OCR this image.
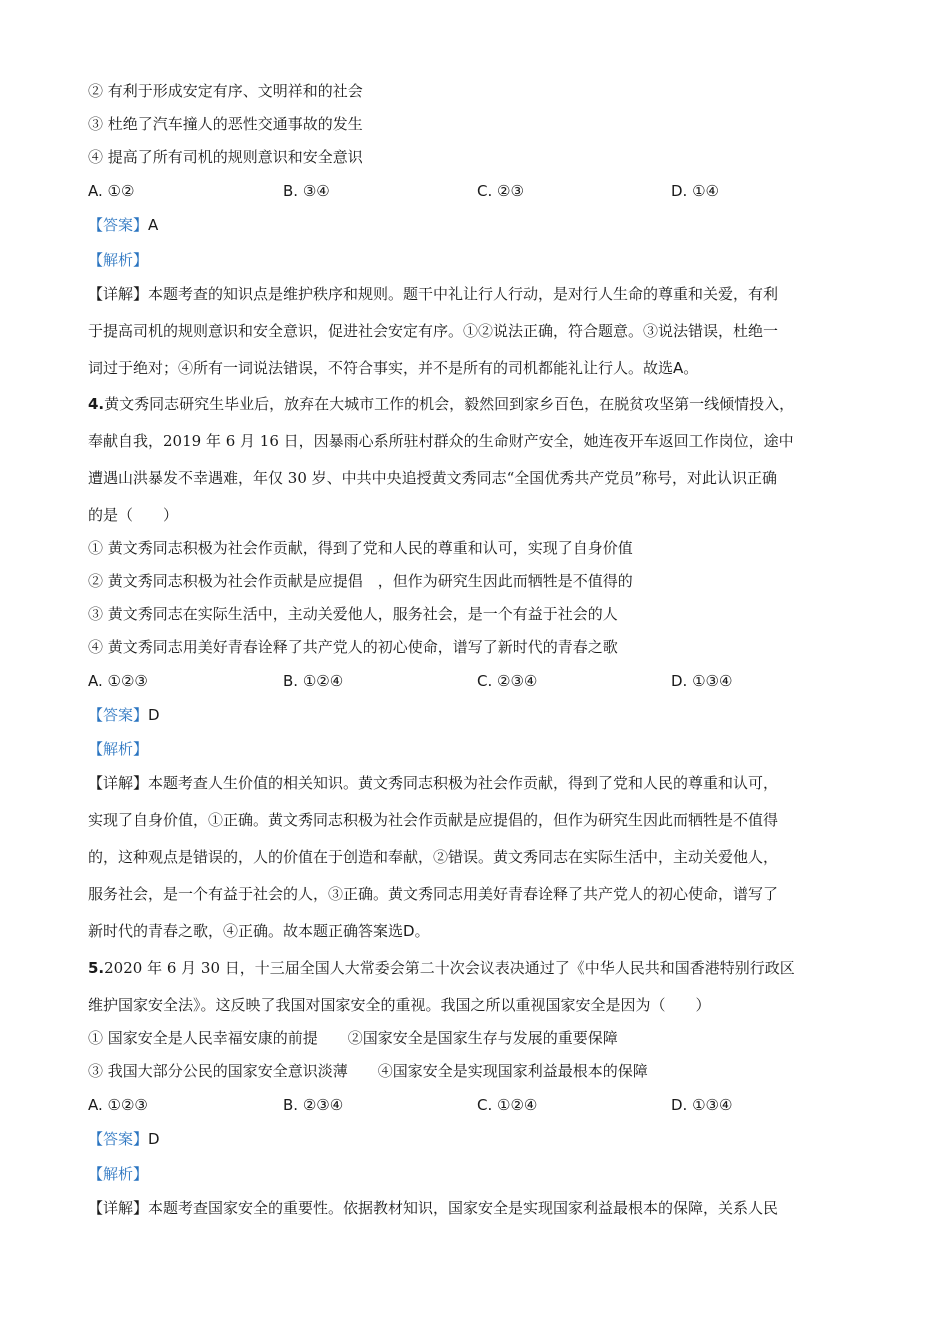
② 有利于形成安定有序、文明祥和的社会
③ 杜绝了汽车撞人的恶性交通事故的发生
④ 提高了所有司机的规则意识和安全意识
A. ①②	B. ③④	C. ②③	D. ①④
【答案】A
【解析】
【详解】本题考查的知识点是维护秩序和规则。题干中礼让行人行动，是对行人生命的尊重和关爱，有利
于提高司机的规则意识和安全意识，促进社会安定有序。①②说法正确，符合题意。③说法错误，杜绝一
词过于绝对；④所有一词说法错误，不符合事实，并不是所有的司机都能礼让行人。故选A。
4.黄文秀同志研究生毕业后，放弃在大城市工作的机会，毅然回到家乡百色，在脱贫攻坚第一线倾情投入，
奉献自我，2019 年 6 月 16 日，因暴雨心系所驻村群众的生命财产安全，她连夜开车返回工作岗位，途中
遭遇山洪暴发不幸遇难，年仅 30 岁、中共中央追授黄文秀同志“全国优秀共产党员”称号，对此认识正确
的是（　　）
① 黄文秀同志积极为社会作贡献，得到了党和人民的尊重和认可，实现了自身价值
② 黄文秀同志积极为社会作贡献是应提倡　，但作为研究生因此而牺牲是不值得的
③ 黄文秀同志在实际生活中，主动关爱他人，服务社会，是一个有益于社会的人
④ 黄文秀同志用美好青春诠释了共产党人的初心使命，谱写了新时代的青春之歌
A. ①②③	B. ①②④	C. ②③④	D. ①③④
【答案】D
【解析】
【详解】本题考查人生价值的相关知识。黄文秀同志积极为社会作贡献，得到了党和人民的尊重和认可，
实现了自身价值，①正确。黄文秀同志积极为社会作贡献是应提倡的，但作为研究生因此而牺牲是不值得
的，这种观点是错误的，人的价值在于创造和奉献，②错误。黄文秀同志在实际生活中，主动关爱他人，
服务社会，是一个有益于社会的人，③正确。黄文秀同志用美好青春诠释了共产党人的初心使命，谱写了
新时代的青春之歌，④正确。故本题正确答案选D。
5.2020 年 6 月 30 日，十三届全国人大常委会第二十次会议表决通过了《中华人民共和国香港特别行政区
维护国家安全法》。这反映了我国对国家安全的重视。我国之所以重视国家安全是因为（　　）
① 国家安全是人民幸福安康的前提　　②国家安全是国家生存与发展的重要保障
③ 我国大部分公民的国家安全意识淡薄　　④国家安全是实现国家利益最根本的保障
A. ①②③	B. ②③④	C. ①②④	D. ①③④
【答案】D
【解析】
【详解】本题考查国家安全的重要性。依据教材知识，国家安全是实现国家利益最根本的保障，关系人民
